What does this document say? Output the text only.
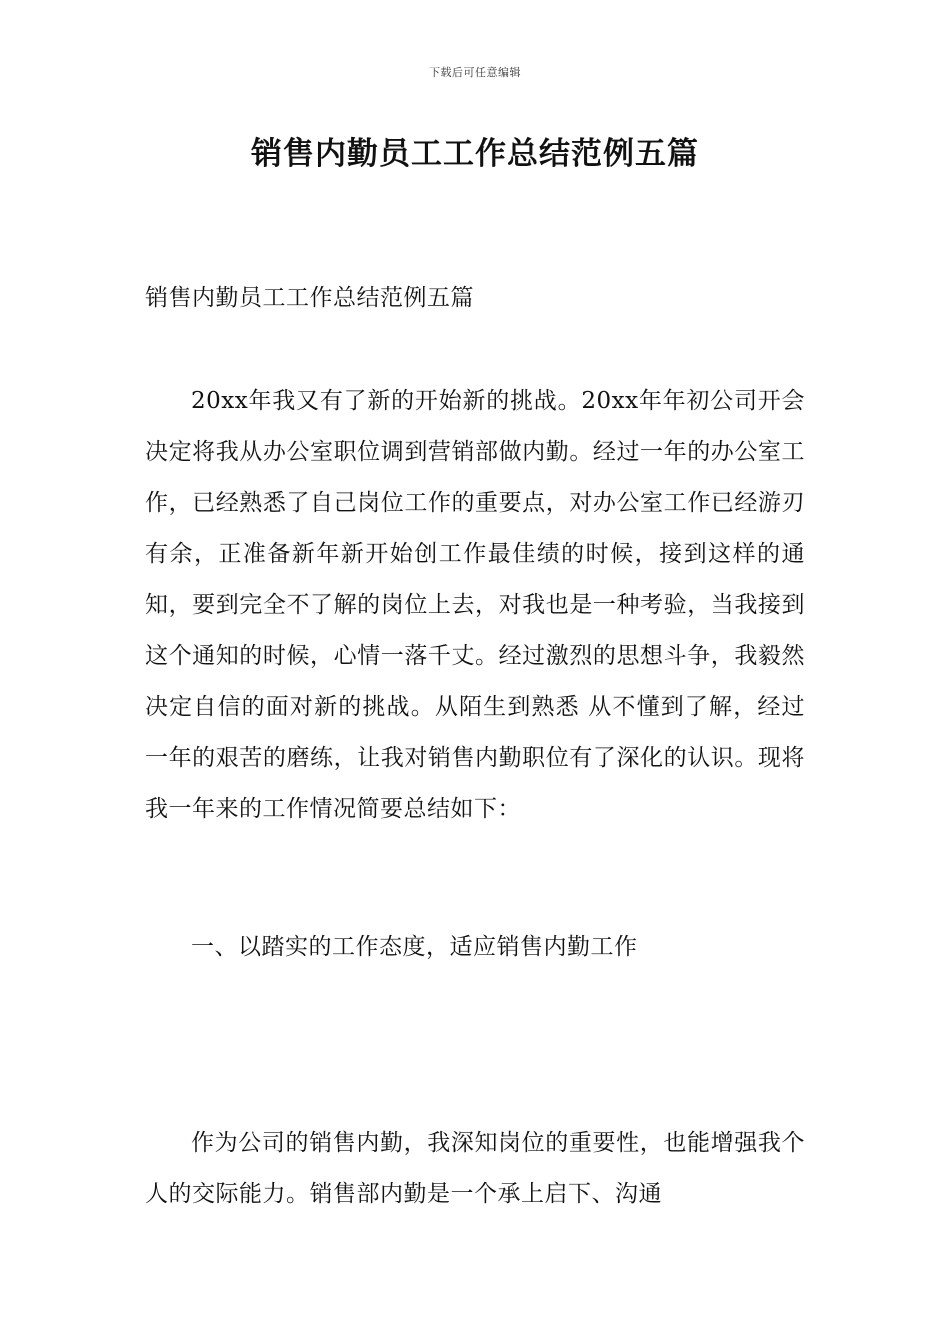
下载后可任意编辑
销售内勤员工工作总结范例五篇
销售内勤员工工作总结范例五篇
20xx年我又有了新的开始新的挑战。20xx年年初公司开会决定将我从办公室职位调到营销部做内勤。经过一年的办公室工作，已经熟悉了自己岗位工作的重要点，对办公室工作已经游刃有余，正准备新年新开始创工作最佳绩的时候，接到这样的通知，要到完全不了解的岗位上去，对我也是一种考验，当我接到这个通知的时候，心情一落千丈。经过激烈的思想斗争，我毅然决定自信的面对新的挑战。从陌生到熟悉 从不懂到了解，经过一年的艰苦的磨练，让我对销售内勤职位有了深化的认识。现将我一年来的工作情况简要总结如下：
一、以踏实的工作态度，适应销售内勤工作
作为公司的销售内勤，我深知岗位的重要性，也能增强我个人的交际能力。销售部内勤是一个承上启下、沟通
